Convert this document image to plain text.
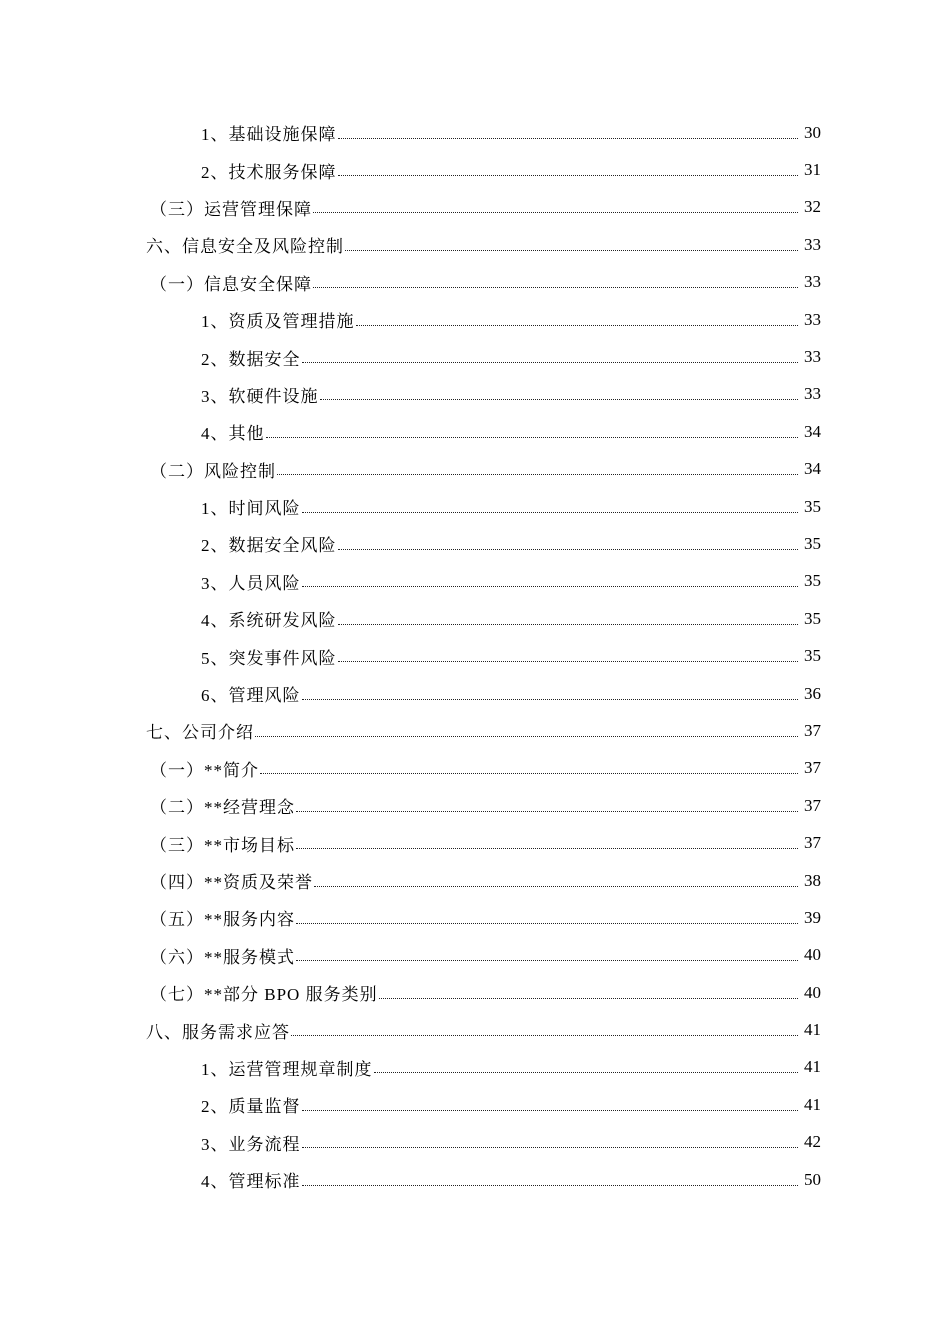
1、基础设施保障	30
2、技术服务保障	31
（三）运营管理保障	32
六、信息安全及风险控制	33
（一）信息安全保障	33
1、资质及管理措施	33
2、数据安全	33
3、软硬件设施	33
4、其他	34
（二）风险控制	34
1、时间风险	35
2、数据安全风险	35
3、人员风险	35
4、系统研发风险	35
5、突发事件风险	35
6、管理风险	36
七、公司介绍	37
（一）**简介	37
（二）**经营理念	37
（三）**市场目标	37
（四）**资质及荣誉	38
（五）**服务内容	39
（六）**服务模式	40
（七）**部分 BPO 服务类别	40
八、服务需求应答	41
1、运营管理规章制度	41
2、质量监督	41
3、业务流程	42
4、管理标准	50
